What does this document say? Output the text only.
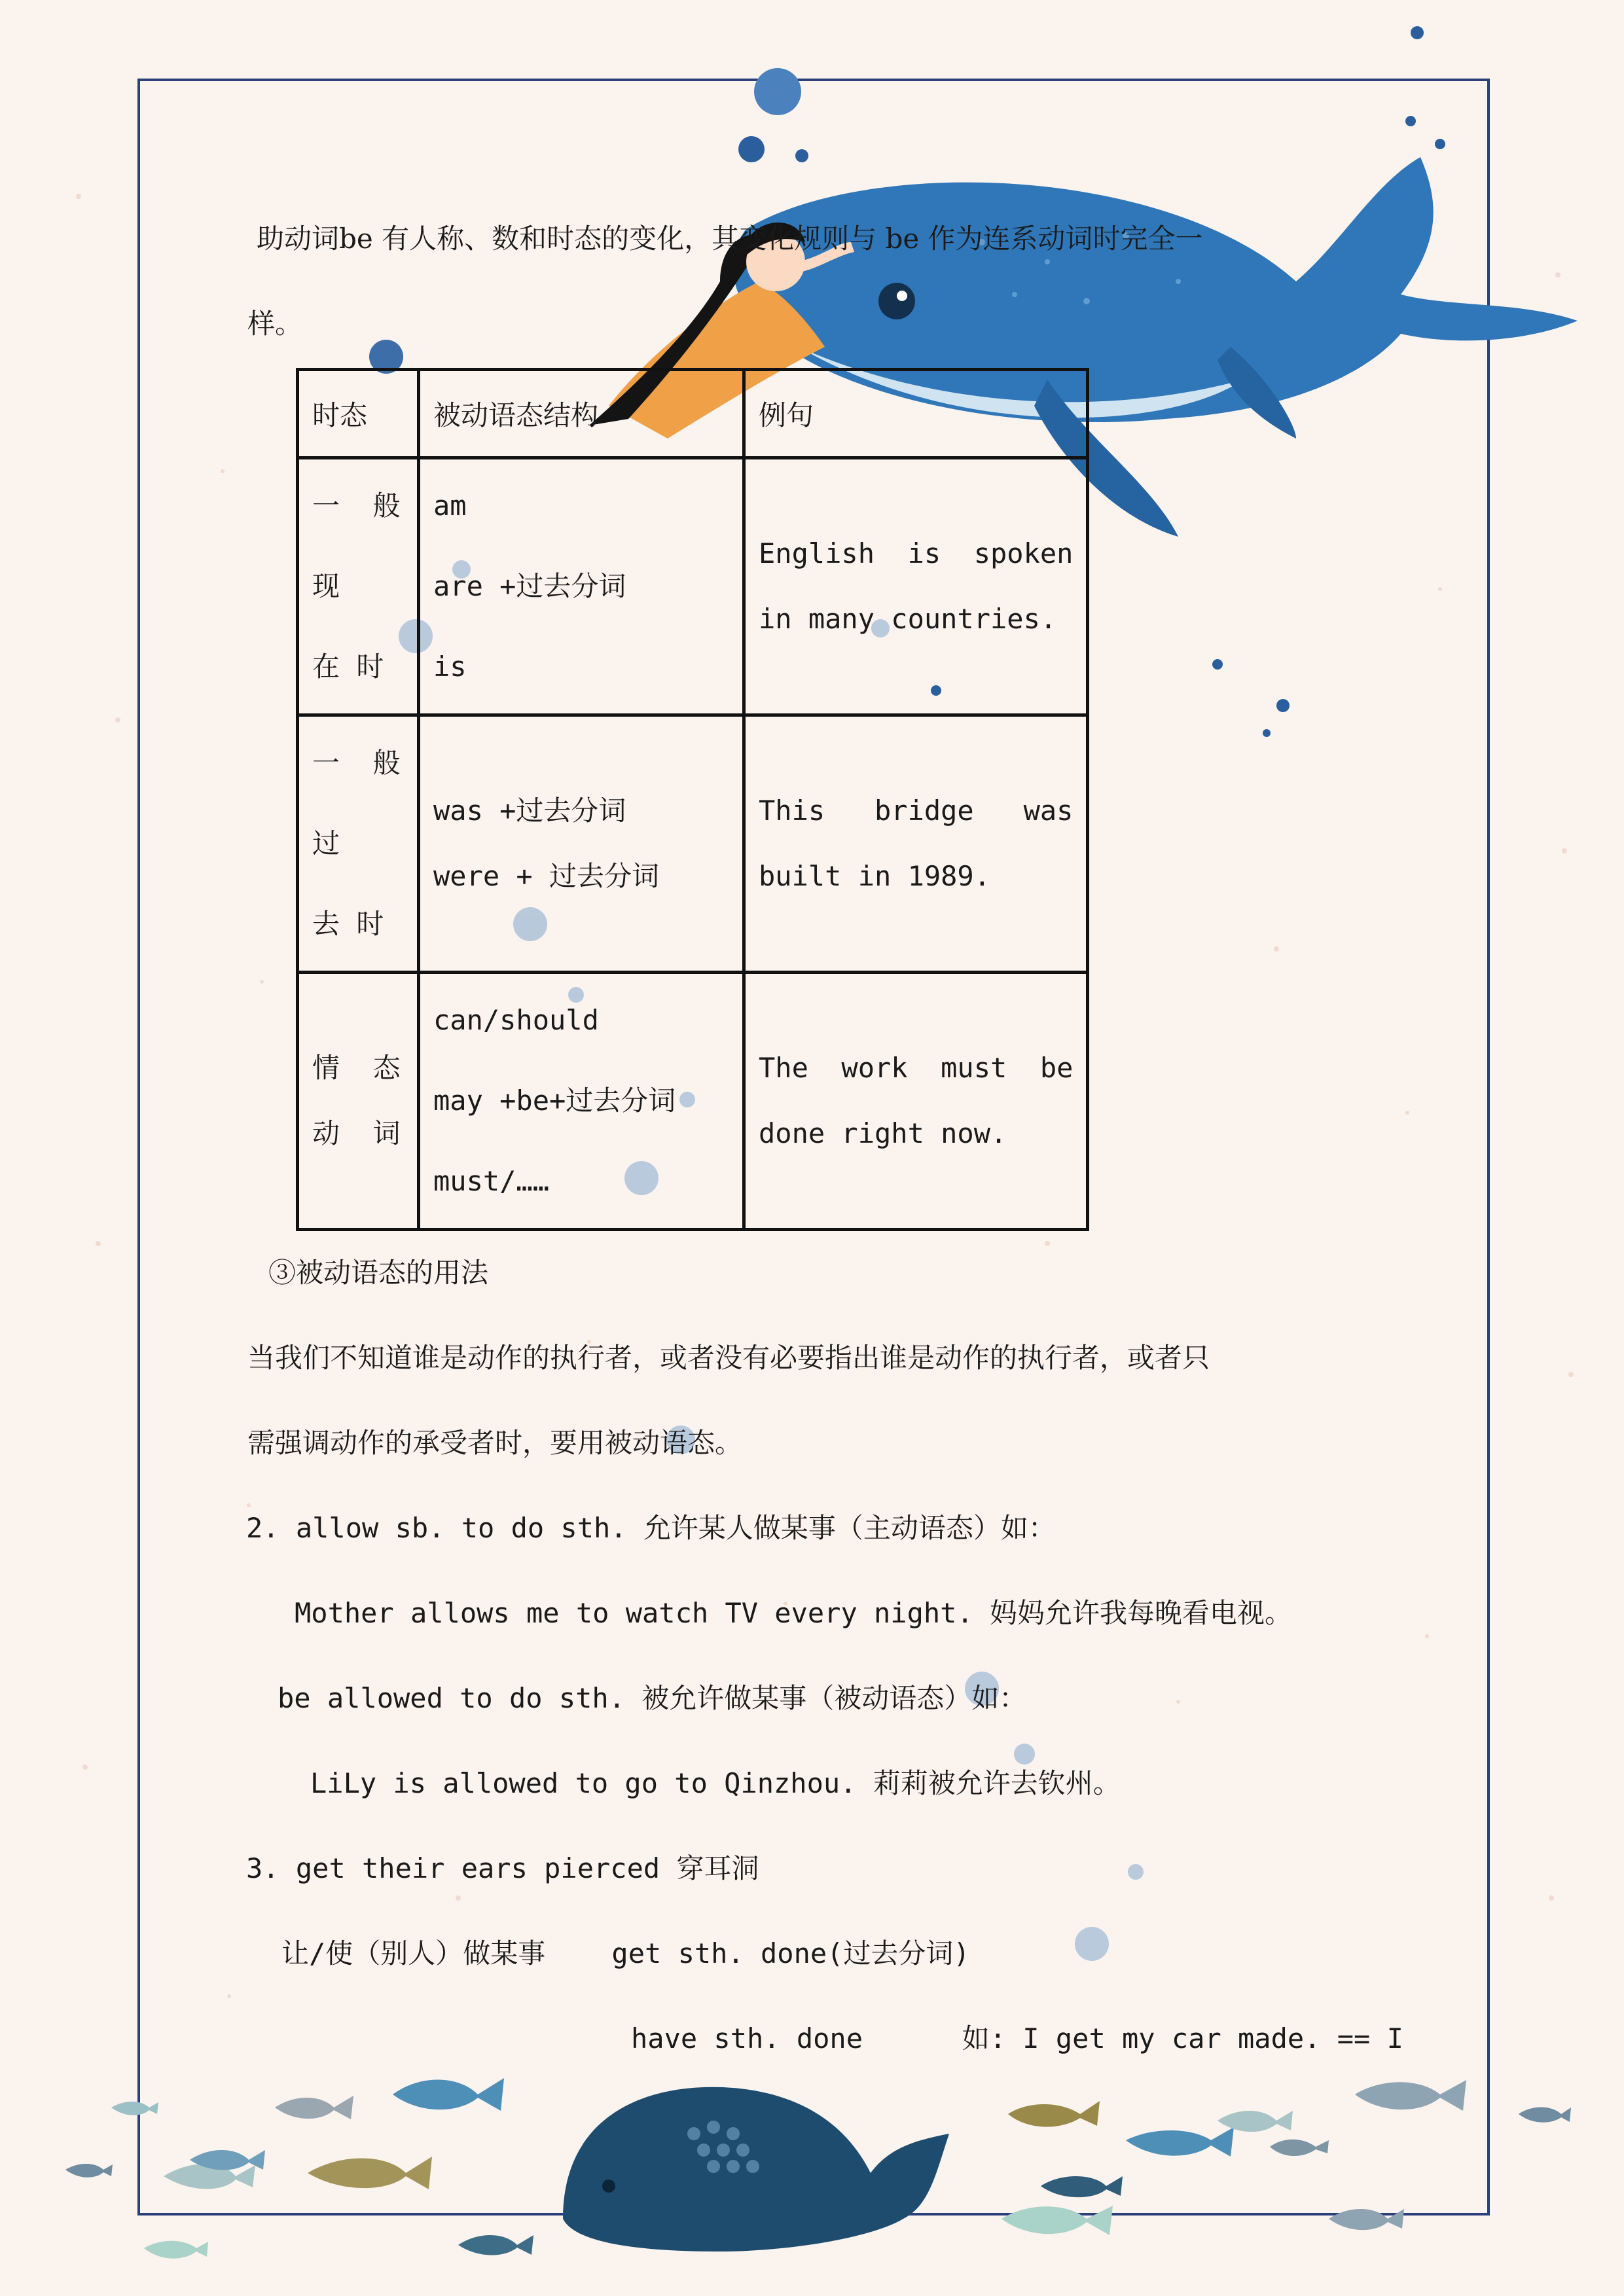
助动词be 有人称、数和时态的变化，其变化规则与 be 作为连系动词时完全一
样。
时态	被动语态结构	例句

一  般
现
在 时	am
are +过去分词
is	English  is  spoken
in many countries.

一  般
过
去 时	was +过去分词
were + 过去分词	This   bridge   was
built in 1989.

情  态
动  词	can/should
may +be+过去分词
must/……	The  work  must  be
done right now.
③被动语态的用法
当我们不知道谁是动作的执行者，或者没有必要指出谁是动作的执行者，或者只
需强调动作的承受者时，要用被动语态。
2. allow sb. to do sth. 允许某人做某事（主动语态）如：
Mother allows me to watch TV every night. 妈妈允许我每晚看电视。
be allowed to do sth. 被允许做某事（被动语态）如：
LiLy is allowed to go to Qinzhou. 莉莉被允许去钦州。
3. get their ears pierced 穿耳洞
让/使（别人）做某事    get sth. done(过去分词)
have sth. done      如: I get my car made. == I
